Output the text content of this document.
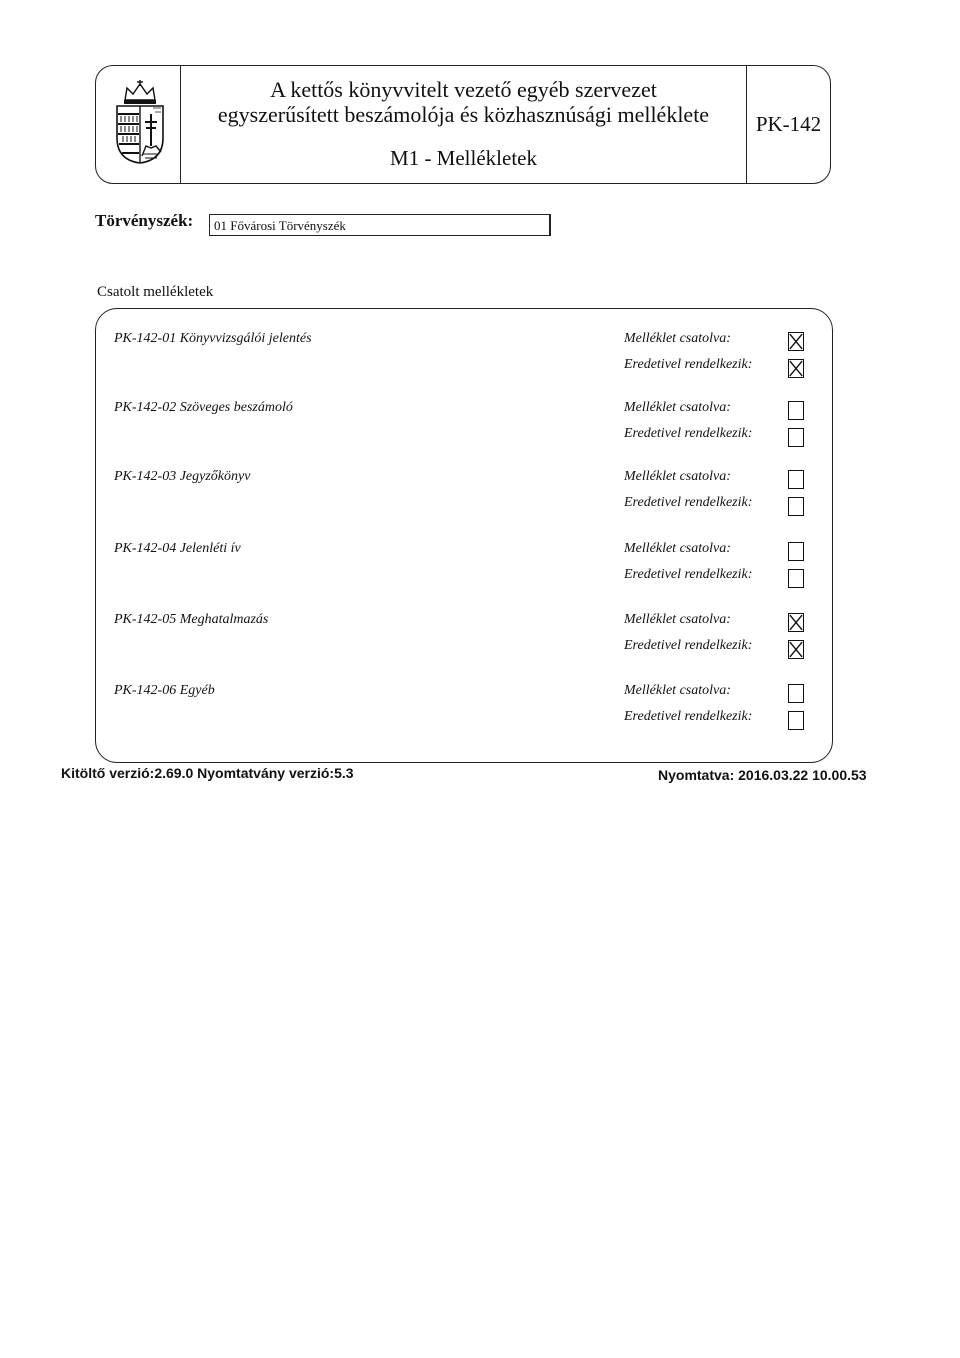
A kettős könyvvitelt vezető egyéb szervezet
egyszerűsített beszámolója és közhasznúsági melléklete
M1 - Mellékletek
PK-142
Törvényszék:	01 Fővárosi Törvényszék
Csatolt mellékletek
PK-142-01 Könyvvizsgálói jelentés	Melléklet csatolva:
Eredetivel rendelkezik:
PK-142-02 Szöveges beszámoló	Melléklet csatolva:
Eredetivel rendelkezik:
PK-142-03 Jegyzőkönyv	Melléklet csatolva:
Eredetivel rendelkezik:
PK-142-04 Jelenléti ív	Melléklet csatolva:
Eredetivel rendelkezik:
PK-142-05 Meghatalmazás	Melléklet csatolva:
Eredetivel rendelkezik:
PK-142-06 Egyéb	Melléklet csatolva:
Eredetivel rendelkezik:
Kitöltő verzió:2.69.0 Nyomtatvány verzió:5.3	Nyomtatva: 2016.03.22 10.00.53
